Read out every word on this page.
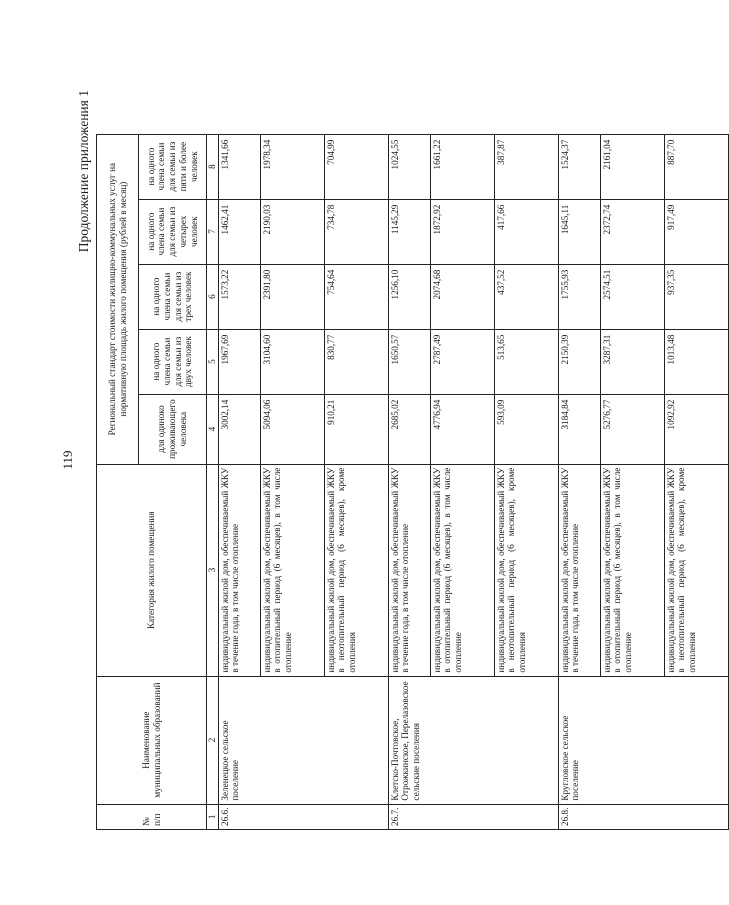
119
Продолжение приложения 1
№ п/п	Наименование муниципальных образований	Категория жилого помещения	Региональный стандарт стоимости жилищно-коммунальных услуг на нормативную площадь жилого помещения (рублей в месяц)				
			для одиноко проживающего человека	на одного члена семьи для семьи из двух человек	на одного члена семьи для семьи из трех человек	на одного члена семьи для семьи из четырех человек	на одного члена семьи для семьи из пяти и более человек
1	2	3	4	5	6	7	8
26.6.	Зеленецкое сельское поселение	индивидуальный жилой дом, обеспечиваемый ЖКУ в течение года, в том числе отопление	3002,14	1967,69	1573,22	1462,41	1341,66
		индивидуальный жилой дом, обеспечиваемый ЖКУ в отопительный период (6 месяцев), в том числе отопление	5094,06	3104,60	2391,80	2190,03	1978,34
		индивидуальный жилой дом, обеспечиваемый ЖКУ в неотопительный период (6 месяцев), кроме отопления	910,21	830,77	754,64	734,78	704,99
26.7.	Клетско-Почтовское, Отрожкинское, Перелазовское сельские поселения	индивидуальный жилой дом, обеспечиваемый ЖКУ в течение года, в том числе отопление	2685,02	1650,57	1256,10	1145,29	1024,55
		индивидуальный жилой дом, обеспечиваемый ЖКУ в отопительный период (6 месяцев), в том числе отопление	4776,94	2787,49	2074,68	1872,92	1661,22
		индивидуальный жилой дом, обеспечиваемый ЖКУ в неотопительный период (6 месяцев), кроме отопления	593,09	513,65	437,52	417,66	387,87
26.8.	Кругловское сельское поселение	индивидуальный жилой дом, обеспечиваемый ЖКУ в течение года, в том числе отопление	3184,84	2150,39	1755,93	1645,11	1524,37
		индивидуальный жилой дом, обеспечиваемый ЖКУ в отопительный период (6 месяцев), в том числе отопление	5276,77	3287,31	2574,51	2372,74	2161,04
		индивидуальный жилой дом, обеспечиваемый ЖКУ в неотопительный период (6 месяцев), кроме отопления	1092,92	1013,48	937,35	917,49	887,70
